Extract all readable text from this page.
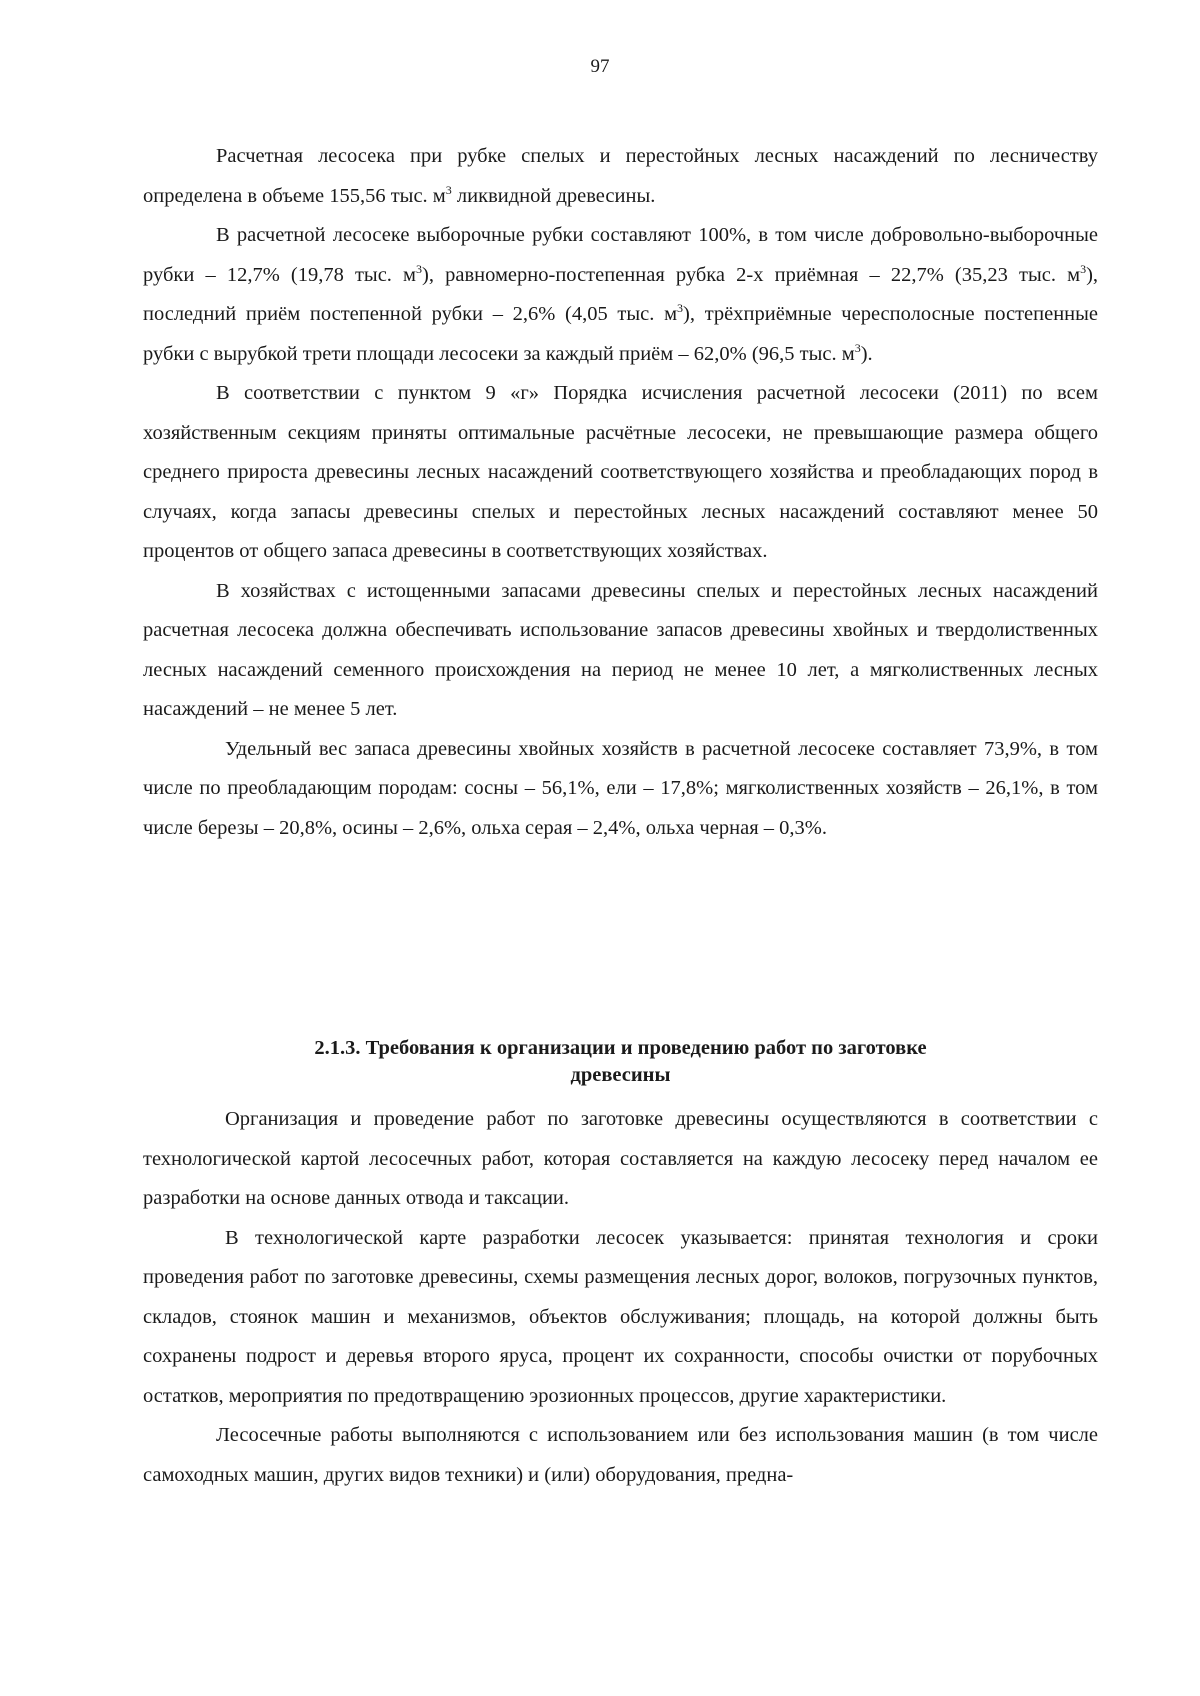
97

Расчетная лесосека при рубке спелых и перестойных лесных насаждений по лесничеству определена в объеме 155,56 тыс. $м^3$ ликвидной древесины.

В расчетной лесосеке выборочные рубки составляют 100%, в том числе добровольно-выборочные рубки – 12,7% (19,78 тыс. $м^3$), равномерно-постепенная рубка 2-х приёмная – 22,7% (35,23 тыс. $м^3$), последний приём постепенной рубки – 2,6% (4,05 тыс. $м^3$), трёхприёмные чересполосные постепенные рубки с вырубкой трети площади лесосеки за каждый приём – 62,0% (96,5 тыс. $м^3$).

В соответствии с пунктом 9 «г» Порядка исчисления расчетной лесосеки (2011) по всем хозяйственным секциям приняты оптимальные расчётные лесосеки, не превышающие размера общего среднего прироста древесины лесных насаждений соответствующего хозяйства и преобладающих пород в случаях, когда запасы древесины спелых и перестойных лесных насаждений составляют менее 50 процентов от общего запаса древесины в соответствующих хозяйствах.

В хозяйствах с истощенными запасами древесины спелых и перестойных лесных насаждений расчетная лесосека должна обеспечивать использование запасов древесины хвойных и твердолиственных лесных насаждений семенного происхождения на период не менее 10 лет, а мягколиственных лесных насаждений – не менее 5 лет.

Удельный вес запаса древесины хвойных хозяйств в расчетной лесосеке составляет 73,9%, в том числе по преобладающим породам: сосны – 56,1%, ели – 17,8%; мягколиственных хозяйств – 26,1%, в том числе березы – 20,8%, осины – 2,6%, ольха серая – 2,4%, ольха черная – 0,3%.

2.1.3. Требования к организации и проведению работ по заготовке
древесины

Организация и проведение работ по заготовке древесины осуществляются в соответствии с технологической картой лесосечных работ, которая составляется на каждую лесосеку перед началом ее разработки на основе данных отвода и таксации.

В технологической карте разработки лесосек указывается: принятая технология и сроки проведения работ по заготовке древесины, схемы размещения лесных дорог, волоков, погрузочных пунктов, складов, стоянок машин и механизмов, объектов обслуживания; площадь, на которой должны быть сохранены подрост и деревья второго яруса, процент их сохранности, способы очистки от порубочных остатков, мероприятия по предотвращению эрозионных процессов, другие характеристики.

Лесосечные работы выполняются с использованием или без использования машин (в том числе самоходных машин, других видов техники) и (или) оборудования, предна-
